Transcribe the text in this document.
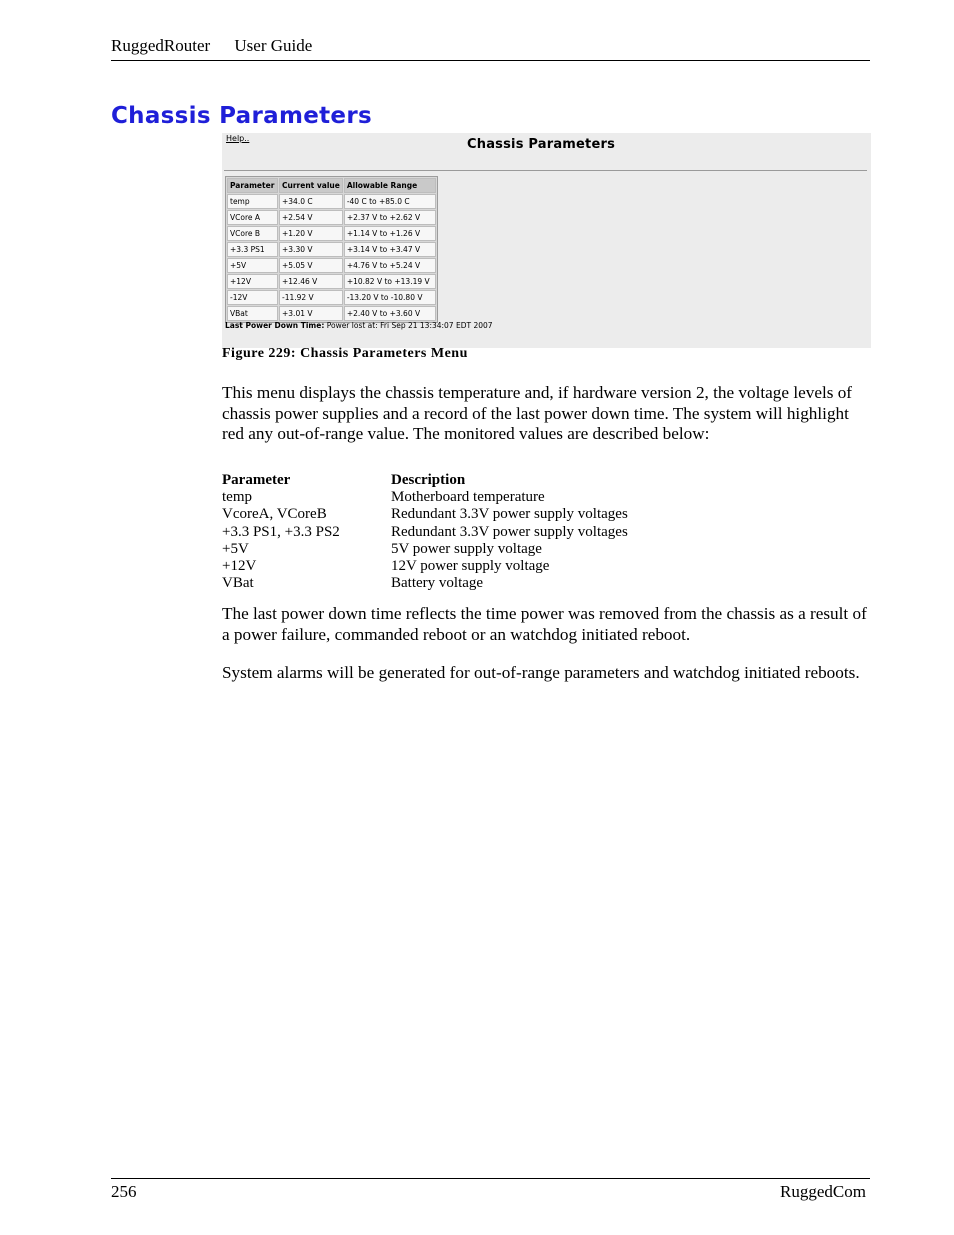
RuggedRouter User Guide
Chassis Parameters
Help..	Chassis Parameters
Parameter	Current value	Allowable Range
temp	+34.0 C	-40 C to +85.0 C
VCore A	+2.54 V	+2.37 V to +2.62 V
VCore B	+1.20 V	+1.14 V to +1.26 V
+3.3 PS1	+3.30 V	+3.14 V to +3.47 V
+5V	+5.05 V	+4.76 V to +5.24 V
+12V	+12.46 V	+10.82 V to +13.19 V
-12V	-11.92 V	-13.20 V to -10.80 V
VBat	+3.01 V	+2.40 V to +3.60 V
Last Power Down Time: Power lost at: Fri Sep 21 13:34:07 EDT 2007
Figure 229: Chassis Parameters Menu

This menu displays the chassis temperature and, if hardware version 2, the voltage levels of chassis power supplies and a record of the last power down time. The system will highlight red any out-of-range value. The monitored values are described below:

Parameter	Description
temp	Motherboard temperature
VcoreA, VCoreB	Redundant 3.3V power supply voltages
+3.3 PS1, +3.3 PS2	Redundant 3.3V power supply voltages
+5V	5V power supply voltage
+12V	12V power supply voltage
VBat	Battery voltage

The last power down time reflects the time power was removed from the chassis as a result of a power failure, commanded reboot or an watchdog initiated reboot.

System alarms will be generated for out-of-range parameters and watchdog initiated reboots.

256	RuggedCom
